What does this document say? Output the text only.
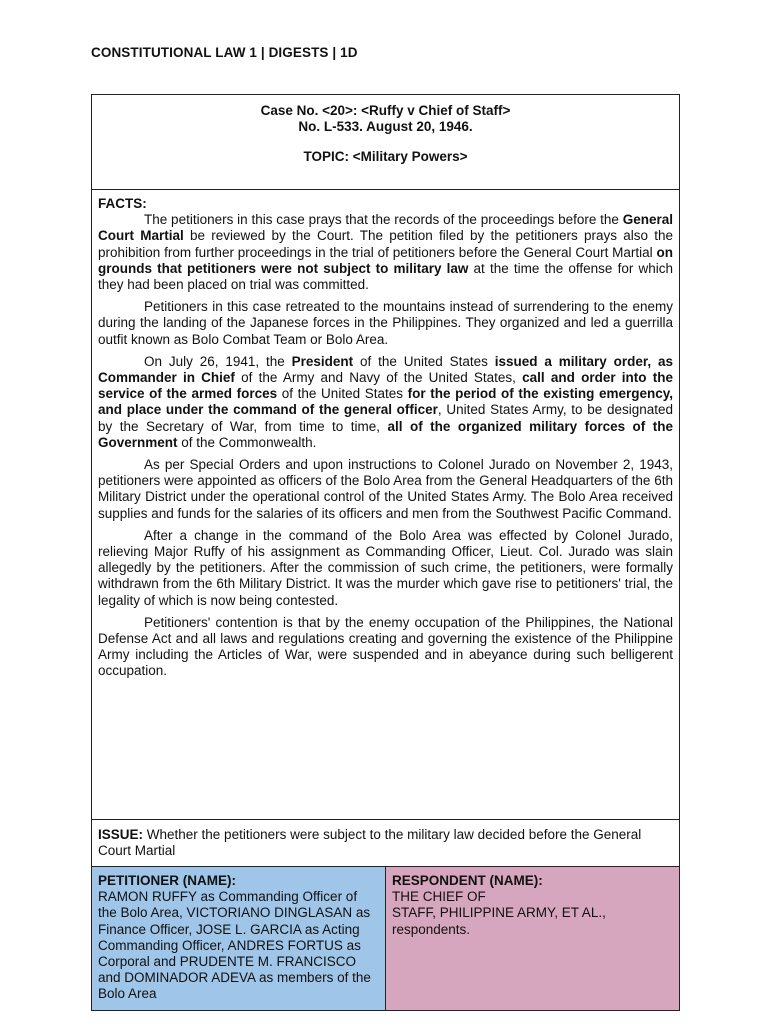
CONSTITUTIONAL LAW 1 | DIGESTS | 1D
Case No. <20>: <Ruffy v Chief of Staff>
No. L-533. August 20, 1946.
TOPIC: <Military Powers>
FACTS:

The petitioners in this case prays that the records of the proceedings before the General Court Martial be reviewed by the Court. The petition filed by the petitioners prays also the prohibition from further proceedings in the trial of petitioners before the General Court Martial on grounds that petitioners were not subject to military law at the time the offense for which they had been placed on trial was committed.

Petitioners in this case retreated to the mountains instead of surrendering to the enemy during the landing of the Japanese forces in the Philippines. They organized and led a guerrilla outfit known as Bolo Combat Team or Bolo Area.

On July 26, 1941, the President of the United States issued a military order, as Commander in Chief of the Army and Navy of the United States, call and order into the service of the armed forces of the United States for the period of the existing emergency, and place under the command of the general officer, United States Army, to be designated by the Secretary of War, from time to time, all of the organized military forces of the Government of the Commonwealth.

As per Special Orders and upon instructions to Colonel Jurado on November 2, 1943, petitioners were appointed as officers of the Bolo Area from the General Headquarters of the 6th Military District under the operational control of the United States Army. The Bolo Area received supplies and funds for the salaries of its officers and men from the Southwest Pacific Command.

After a change in the command of the Bolo Area was effected by Colonel Jurado, relieving Major Ruffy of his assignment as Commanding Officer, Lieut. Col. Jurado was slain allegedly by the petitioners. After the commission of such crime, the petitioners, were formally withdrawn from the 6th Military District. It was the murder which gave rise to petitioners' trial, the legality of which is now being contested.

Petitioners' contention is that by the enemy occupation of the Philippines, the National Defense Act and all laws and regulations creating and governing the existence of the Philippine Army including the Articles of War, were suspended and in abeyance during such belligerent occupation.

ISSUE: Whether the petitioners were subject to the military law decided before the General Court Martial
PETITIONER (NAME):
RAMON RUFFY as Commanding Officer of the Bolo Area, VICTORIANO DINGLASAN as Finance Officer, JOSE L. GARCIA as Acting Commanding Officer, ANDRES FORTUS as Corporal and PRUDENTE M. FRANCISCO and DOMINADOR ADEVA as members of the Bolo Area
RESPONDENT (NAME):
THE CHIEF OF
STAFF, PHILIPPINE ARMY, ET AL., respondents.
